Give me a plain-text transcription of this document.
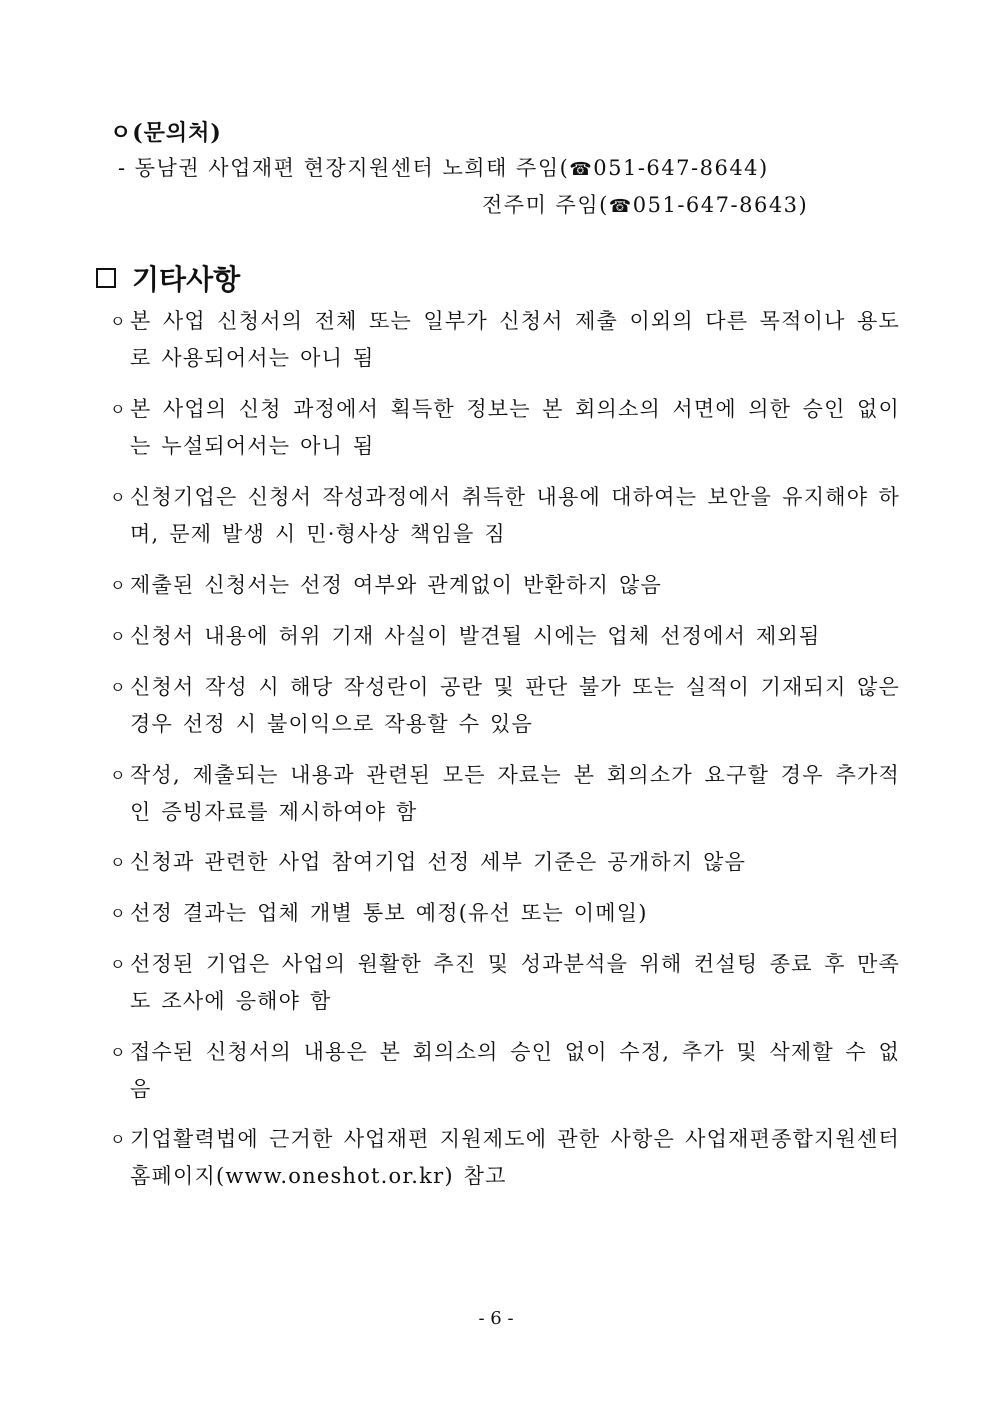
ㅇ(문의처)
- 동남권 사업재편 현장지원센터 노희태 주임(☎051-647-8644)
전주미 주임(☎051-647-8643)
기타사항
ㅇ 본 사업 신청서의 전체 또는 일부가 신청서 제출 이외의 다른 목적이나 용도로 사용되어서는 아니 됨
ㅇ 본 사업의 신청 과정에서 획득한 정보는 본 회의소의 서면에 의한 승인 없이는 누설되어서는 아니 됨
ㅇ 신청기업은 신청서 작성과정에서 취득한 내용에 대하여는 보안을 유지해야 하며, 문제 발생 시 민·형사상 책임을 짐
ㅇ 제출된 신청서는 선정 여부와 관계없이 반환하지 않음
ㅇ 신청서 내용에 허위 기재 사실이 발견될 시에는 업체 선정에서 제외됨
ㅇ 신청서 작성 시 해당 작성란이 공란 및 판단 불가 또는 실적이 기재되지 않은 경우 선정 시 불이익으로 작용할 수 있음
ㅇ 작성, 제출되는 내용과 관련된 모든 자료는 본 회의소가 요구할 경우 추가적인 증빙자료를 제시하여야 함
ㅇ 신청과 관련한 사업 참여기업 선정 세부 기준은 공개하지 않음
ㅇ 선정 결과는 업체 개별 통보 예정(유선 또는 이메일)
ㅇ 선정된 기업은 사업의 원활한 추진 및 성과분석을 위해 컨설팅 종료 후 만족도 조사에 응해야 함
ㅇ 접수된 신청서의 내용은 본 회의소의 승인 없이 수정, 추가 및 삭제할 수 없음
ㅇ 기업활력법에 근거한 사업재편 지원제도에 관한 사항은 사업재편종합지원센터 홈페이지(www.oneshot.or.kr) 참고
- 6 -
